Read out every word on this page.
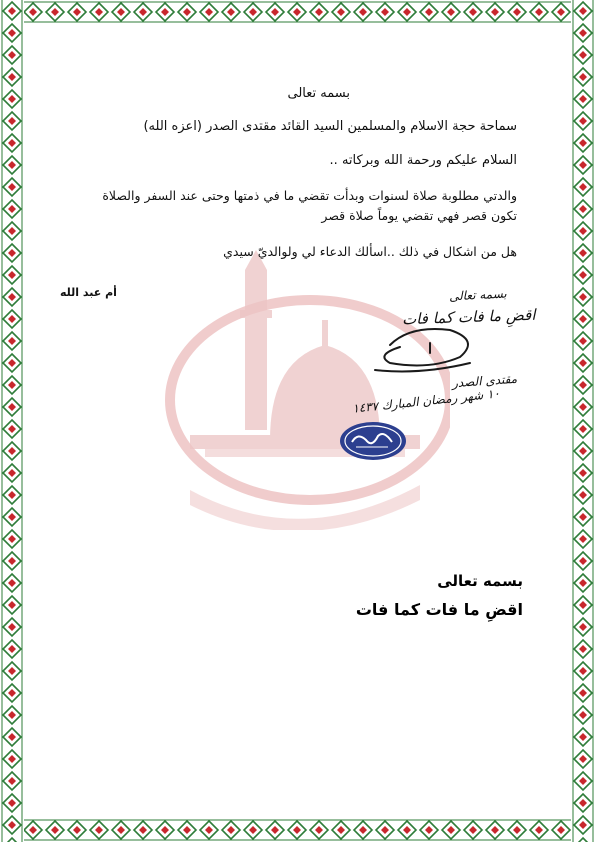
بسمه تعالى
سماحة حجة الاسلام والمسلمين السيد القائد مقتدى الصدر (اعزه الله)
السلام عليكم ورحمة الله وبركاته ..
والدتي مطلوبة صلاة لسنوات وبدأت تقضي ما في ذمتها وحتى عند السفر والصلاة
تكون قصر فهي تقضي يوماً صلاة قصر
هل من اشكال في ذلك ..اسألك الدعاء لي ولوالديّ سيدي
أم عبد الله	بسمه تعالى
اقضِ ما فات كما فات
مقتدى الصدر
١٠ شهر رمضان المبارك ١٤٣٧
بسمه تعالى
اقضِ ما فات كما فات
